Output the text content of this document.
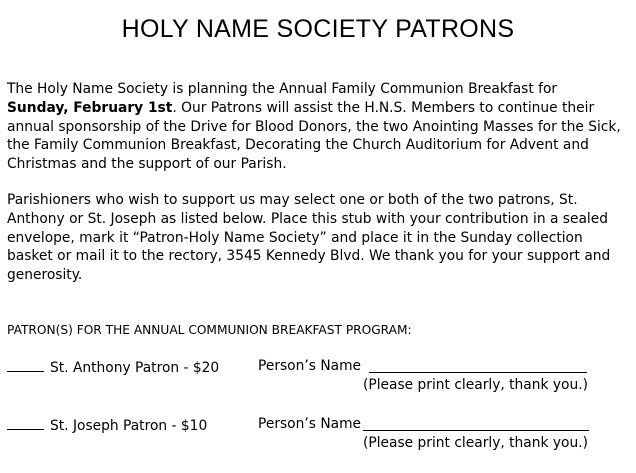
HOLY NAME SOCIETY PATRONS

The Holy Name Society is planning the Annual Family Communion Breakfast for
Sunday, February 1st. Our Patrons will assist the H.N.S. Members to continue their annual sponsorship of the Drive for Blood Donors, the two Anointing Masses for the Sick, the Family Communion Breakfast, Decorating the Church Auditorium for Advent and Christmas and the support of our Parish.

Parishioners who wish to support us may select one or both of the two patrons, St. Anthony or St. Joseph as listed below. Place this stub with your contribution in a sealed envelope, mark it “Patron-Holy Name Society” and place it in the Sunday collection basket or mail it to the rectory, 3545 Kennedy Blvd. We thank you for your support and generosity.

PATRON(S) FOR THE ANNUAL COMMUNION BREAKFAST PROGRAM:
St. Anthony Patron - $20	Person’s Name
(Please print clearly, thank you.)
St. Joseph Patron - $10	Person’s Name
(Please print clearly, thank you.)
